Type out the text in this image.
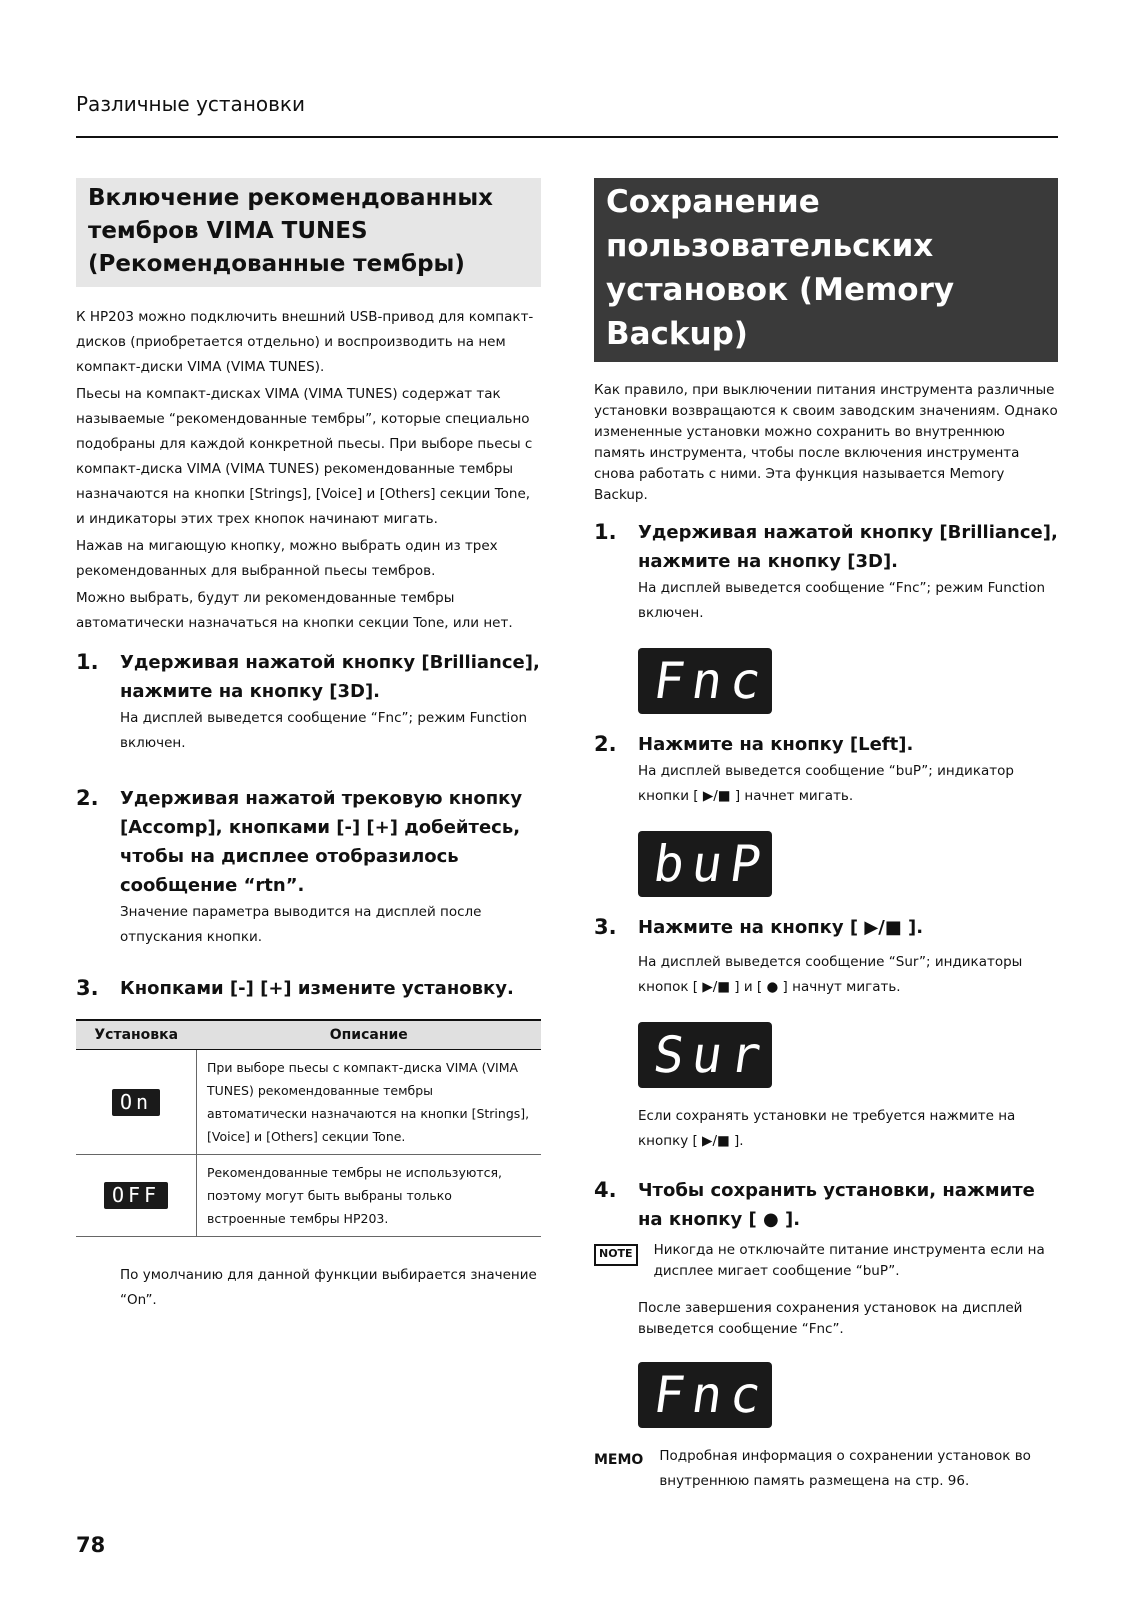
Различные установки
Включение рекомендованных тембров VIMA TUNES (Рекомендованные тембры)

К HP203 можно подключить внешний USB-привод для компакт-дисков (приобретается отдельно) и воспроизводить на нем компакт-диски VIMA (VIMA TUNES).

Пьесы на компакт-дисках VIMA (VIMA TUNES) содержат так называемые “рекомендованные тембры”, которые специально подобраны для каждой конкретной пьесы. При выборе пьесы с компакт-диска VIMA (VIMA TUNES) рекомендованные тембры назначаются на кнопки [Strings], [Voice] и [Others] секции Tone, и индикаторы этих трех кнопок начинают мигать.

Нажав на мигающую кнопку, можно выбрать один из трех рекомендованных для выбранной пьесы тембров.

Можно выбрать, будут ли рекомендованные тембры автоматически назначаться на кнопки секции Tone, или нет.

1.	Удерживая нажатой кнопку [Brilliance], нажмите на кнопку [3D].
На дисплей выведется сообщение “Fnc”; режим Function включен.
2.	Удерживая нажатой трековую кнопку [Accomp], кнопками [-] [+] добейтесь, чтобы на дисплее отобразилось сообщение “rtn”.
Значение параметра выводится на дисплей после отпускания кнопки.
3.	Кнопками [-] [+] измените установку.
Установка	Описание
On	При выборе пьесы с компакт-диска VIMA (VIMA TUNES) рекомендованные тембры автоматически назначаются на кнопки [Strings], [Voice] и [Others] секции Tone.
OFF	Рекомендованные тембры не используются, поэтому могут быть выбраны только встроенные тембры HP203.

По умолчанию для данной функции выбирается значение “On”.

Сохранение пользовательских установок (Memory Backup)

Как правило, при выключении питания инструмента различные установки возвращаются к своим заводским значениям. Однако измененные установки можно сохранить во внутреннюю память инструмента, чтобы после включения инструмента снова работать с ними. Эта функция называется Memory Backup.

1.	Удерживая нажатой кнопку [Brilliance], нажмите на кнопку [3D].
На дисплей выведется сообщение “Fnc”; режим Function включен.
Fnc
2.	Нажмите на кнопку [Left].
На дисплей выведется сообщение “buP”; индикатор кнопки [ ▶/■ ] начнет мигать.
buP
3.	Нажмите на кнопку [ ▶/■ ].
На дисплей выведется сообщение “Sur”; индикаторы кнопок [ ▶/■ ] и [ ● ] начнут мигать.
Sur
Если сохранять установки не требуется нажмите на кнопку [ ▶/■ ].
4.	Чтобы сохранить установки, нажмите на кнопку [ ● ].
NOTE	Никогда не отключайте питание инструмента если на дисплее мигает сообщение “buP”.
После завершения сохранения установок на дисплей выведется сообщение “Fnc”.
Fnc
MEMO Подробная информация о сохранении установок во внутреннюю память размещена на стр. 96.
78
